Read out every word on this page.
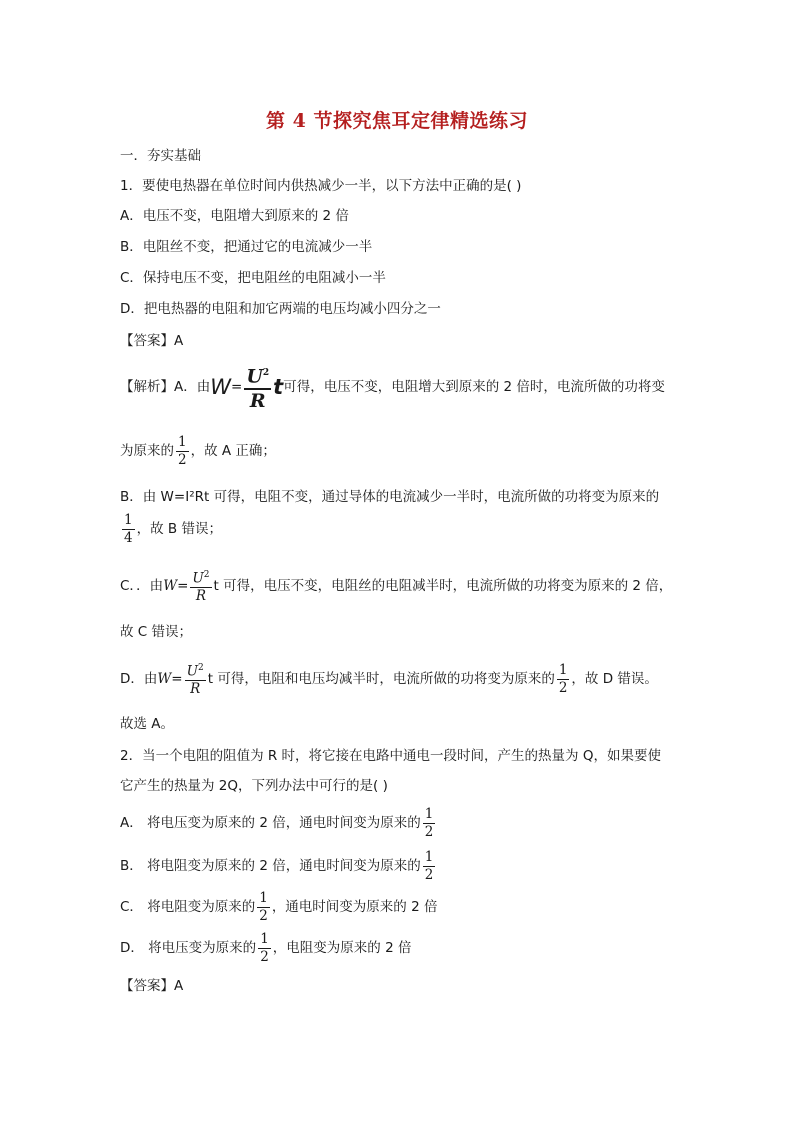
第 4 节探究焦耳定律精选练习
一．夯实基础
1．要使电热器在单位时间内供热减少一半，以下方法中正确的是( )
A．电压不变，电阻增大到原来的 2 倍
B．电阻丝不变，把通过它的电流减少一半
C．保持电压不变，把电阻丝的电阻减小一半
D．把电热器的电阻和加它两端的电压均减小四分之一
【答案】A
【解析】A．由$W= \frac{U^2}{R}$ t可得，电压不变，电阻增大到原来的 2 倍时，电流所做的功将变
为原来的 $\frac{1}{2}$ ，故 A 正确；
B．由 W=I²Rt 可得，电阻不变，通过导体的电流减少一半时，电流所做的功将变为原来的
$\frac{1}{4}$ ，故 B 错误；
C．．由$W= \frac{U^2}{R}$ t 可得，电压不变，电阻丝的电阻减半时，电流所做的功将变为原来的 2 倍，
故 C 错误；
D．由$W= \frac{U^2}{R}$ t 可得，电阻和电压均减半时，电流所做的功将变为原来的 $\frac{1}{2}$ ，故 D 错误。
故选 A。
2．当一个电阻的阻值为 R 时，将它接在电路中通电一段时间，产生的热量为 Q，如果要使
它产生的热量为 2Q，下列办法中可行的是( )
A． 将电压变为原来的 2 倍，通电时间变为原来的 $\frac{1}{2}$
B． 将电阻变为原来的 2 倍，通电时间变为原来的 $\frac{1}{2}$
C． 将电阻变为原来的 $\frac{1}{2}$ ，通电时间变为原来的 2 倍
D． 将电压变为原来的 $\frac{1}{2}$ ，电阻变为原来的 2 倍
【答案】A
